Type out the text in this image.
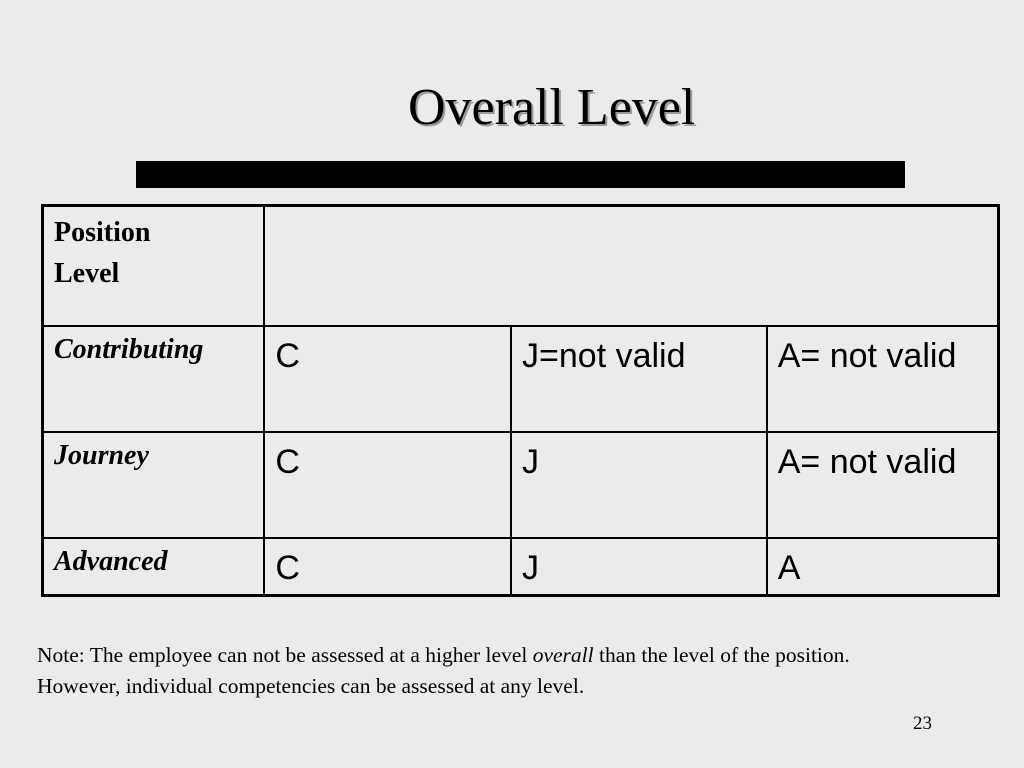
Overall Level
Position
Level			

Contributing	C	J=not valid	A= not valid

Journey	C	J	A= not valid

Advanced	C	J	A

Note: The employee can not be assessed at a higher level overall than the level of the position.
However, individual competencies can be assessed at any level.

23
